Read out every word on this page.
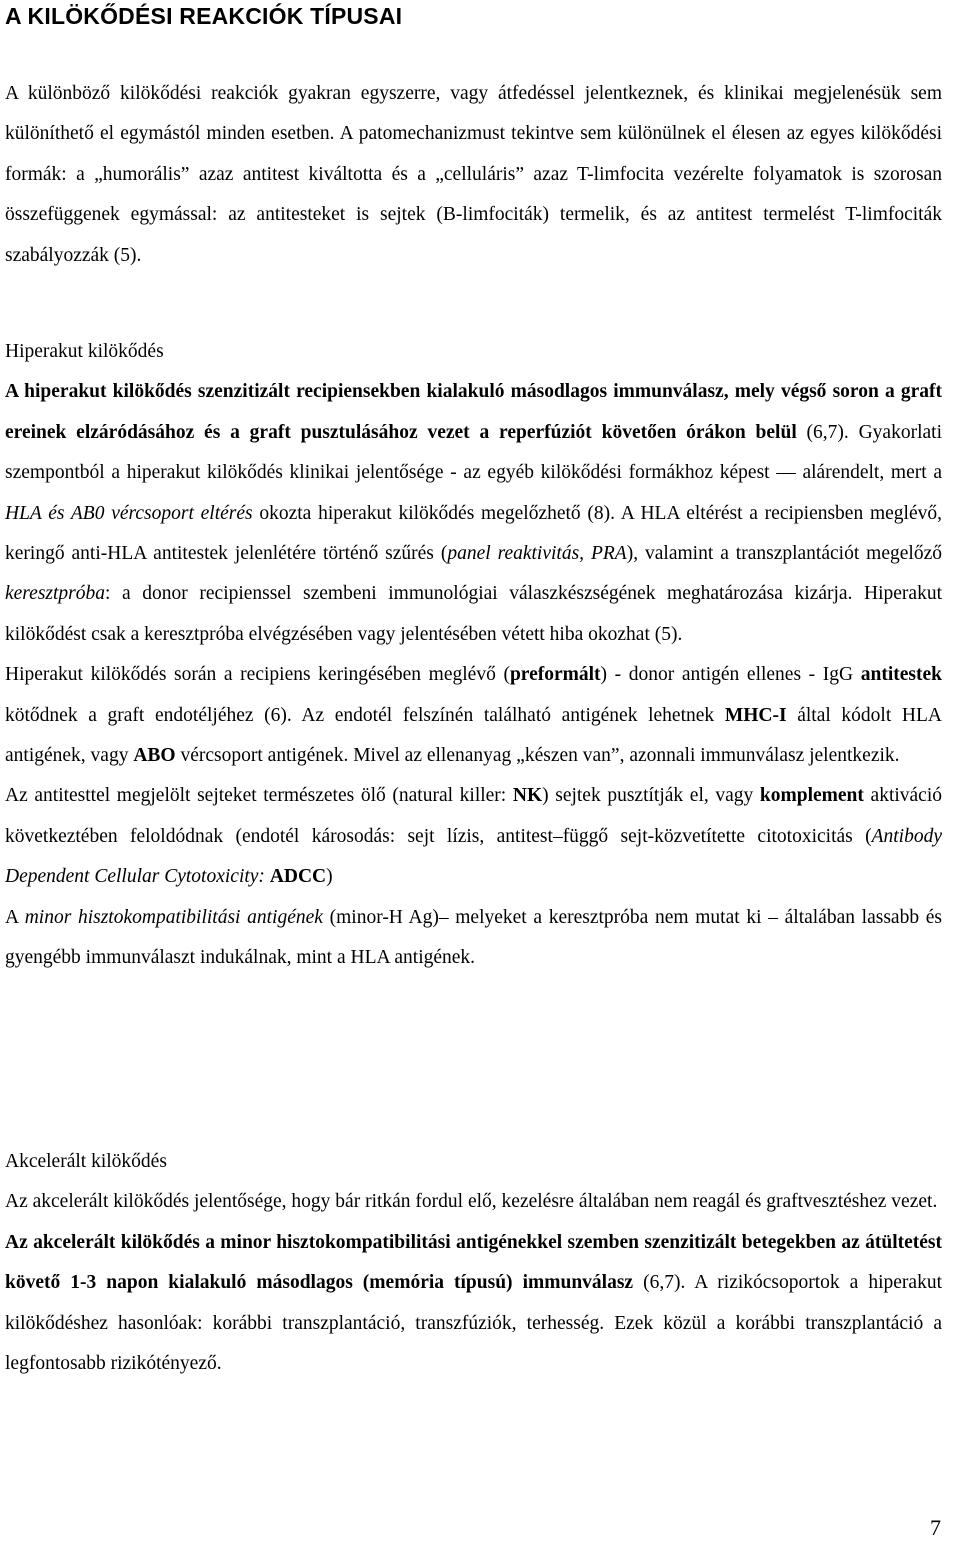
A KILÖKŐDÉSI REAKCIÓK TÍPUSAI

A különböző kilökődési reakciók gyakran egyszerre, vagy átfedéssel jelentkeznek, és klinikai megjelenésük sem különíthető el egymástól minden esetben. A patomechanizmust tekintve sem különülnek el élesen az egyes kilökődési formák: a „humorális” azaz antitest kiváltotta és a „celluláris” azaz T-limfocita vezérelte folyamatok is szorosan összefüggenek egymással: az antitesteket is sejtek (B-limfociták) termelik, és az antitest termelést T-limfociták szabályozzák (5).

Hiperakut kilökődés

A hiperakut kilökődés szenzitizált recipiensekben kialakuló másodlagos immunválasz, mely végső soron a graft ereinek elzáródásához és a graft pusztulásához vezet a reperfúziót követően órákon belül (6,7). Gyakorlati szempontból a hiperakut kilökődés klinikai jelentősége - az egyéb kilökődési formákhoz képest — alárendelt, mert a HLA és AB0 vércsoport eltérés okozta hiperakut kilökődés megelőzhető (8). A HLA eltérést a recipiensben meglévő, keringő anti-HLA antitestek jelenlétére történő szűrés (panel reaktivitás, PRA), valamint a transzplantációt megelőző keresztpróba: a donor recipienssel szembeni immunológiai válaszkészségének meghatározása kizárja. Hiperakut kilökődést csak a keresztpróba elvégzésében vagy jelentésében vétett hiba okozhat (5).

Hiperakut kilökődés során a recipiens keringésében meglévő (preformált) - donor antigén ellenes - IgG antitestek kötődnek a graft endotéljéhez (6). Az endotél felszínén található antigének lehetnek MHC-I által kódolt HLA antigének, vagy ABO vércsoport antigének. Mivel az ellenanyag „készen van”, azonnali immunválasz jelentkezik.

Az antitesttel megjelölt sejteket természetes ölő (natural killer: NK) sejtek pusztítják el, vagy komplement aktiváció következtében feloldódnak (endotél károsodás: sejt lízis, antitest–függő sejt-közvetítette citotoxicitás (Antibody Dependent Cellular Cytotoxicity: ADCC)

A minor hisztokompatibilitási antigének (minor-H Ag)– melyeket a keresztpróba nem mutat ki – általában lassabb és gyengébb immunválaszt indukálnak, mint a HLA antigének.

Akcelerált kilökődés

Az akcelerált kilökődés jelentősége, hogy bár ritkán fordul elő, kezelésre általában nem reagál és graftvesztéshez vezet.

Az akcelerált kilökődés a minor hisztokompatibilitási antigénekkel szemben szenzitizált betegekben az átültetést követő 1-3 napon kialakuló másodlagos (memória típusú) immunválasz (6,7). A rizikócsoportok a hiperakut kilökődéshez hasonlóak: korábbi transzplantáció, transzfúziók, terhesség. Ezek közül a korábbi transzplantáció a legfontosabb rizikótényező.

7
